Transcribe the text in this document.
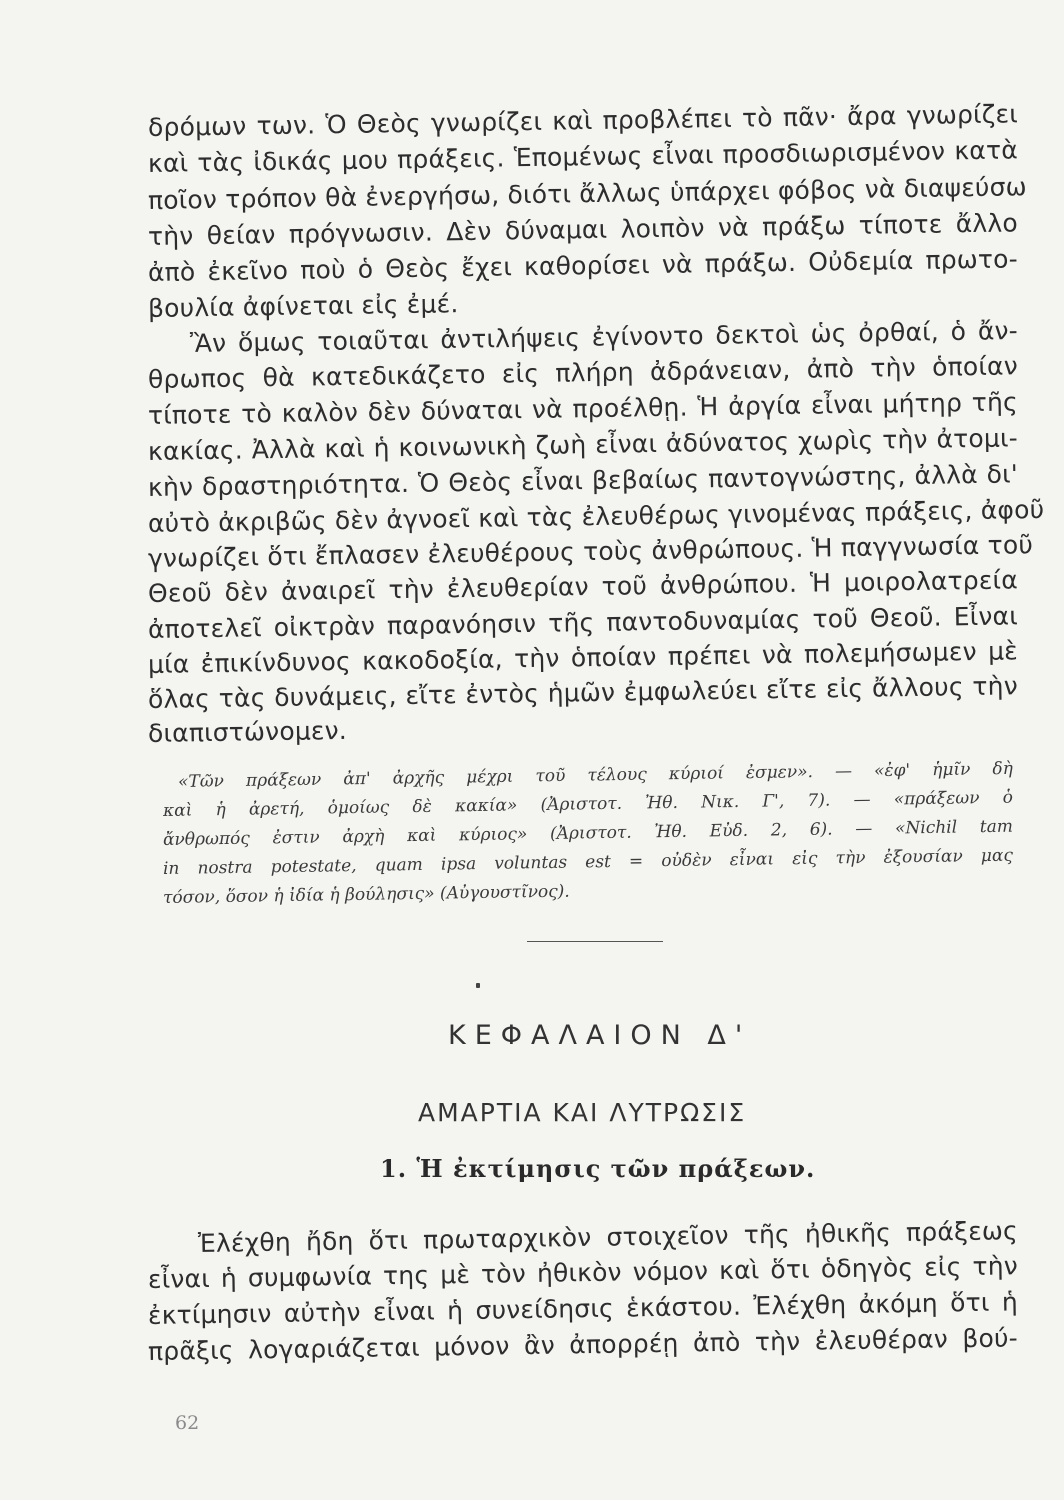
δρόμων των. Ὁ Θεὸς γνωρίζει καὶ προβλέπει τὸ πᾶν· ἄρα γνωρίζει
καὶ τὰς ἰδικάς μου πράξεις. Ἑπομένως εἶναι προσδιωρισμένον κατὰ
ποῖον τρόπον θὰ ἐνεργήσω, διότι ἄλλως ὑπάρχει φόβος νὰ διαψεύσω
τὴν θείαν πρόγνωσιν. Δὲν δύναμαι λοιπὸν νὰ πράξω τίποτε ἄλλο
ἀπὸ ἐκεῖνο ποὺ ὁ Θεὸς ἔχει καθορίσει νὰ πράξω. Οὐδεμία πρωτο-
βουλία ἀφίνεται εἰς ἐμέ.
Ἂν ὅμως τοιαῦται ἀντιλήψεις ἐγίνοντο δεκτοὶ ὡς ὀρθαί, ὁ ἄν-
θρωπος θὰ κατεδικάζετο εἰς πλήρη ἀδράνειαν, ἀπὸ τὴν ὁποίαν
τίποτε τὸ καλὸν δὲν δύναται νὰ προέλθῃ. Ἡ ἀργία εἶναι μήτηρ τῆς
κακίας. Ἀλλὰ καὶ ἡ κοινωνικὴ ζωὴ εἶναι ἀδύνατος χωρὶς τὴν ἀτομι-
κὴν δραστηριότητα. Ὁ Θεὸς εἶναι βεβαίως παντογνώστης, ἀλλὰ δι'
αὐτὸ ἀκριβῶς δὲν ἀγνοεῖ καὶ τὰς ἐλευθέρως γινομένας πράξεις, ἀφοῦ
γνωρίζει ὅτι ἔπλασεν ἐλευθέρους τοὺς ἀνθρώπους. Ἡ παγγνωσία τοῦ
Θεοῦ δὲν ἀναιρεῖ τὴν ἐλευθερίαν τοῦ ἀνθρώπου. Ἡ μοιρολατρεία
ἀποτελεῖ οἰκτρὰν παρανόησιν τῆς παντοδυναμίας τοῦ Θεοῦ. Εἶναι
μία ἐπικίνδυνος κακοδοξία, τὴν ὁποίαν πρέπει νὰ πολεμήσωμεν μὲ
ὅλας τὰς δυνάμεις, εἴτε ἐντὸς ἡμῶν ἐμφωλεύει εἴτε εἰς ἄλλους τὴν
διαπιστώνομεν.
«Τῶν πράξεων ἀπ' ἀρχῆς μέχρι τοῦ τέλους κύριοί ἐσμεν». — «ἐφ' ἡμῖν δὴ
καὶ ἡ ἀρετή, ὁμοίως δὲ κακία» (Ἀριστοτ. Ἠθ. Νικ. Γ', 7). — «πράξεων ὁ
ἄνθρωπός ἐστιν ἀρχὴ καὶ κύριος» (Ἀριστοτ. Ἠθ. Εὐδ. 2, 6). — «Nichil tam
in nostra potestate, quam ipsa voluntas est = οὐδὲν εἶναι εἰς τὴν ἐξουσίαν μας
τόσον, ὅσον ἡ ἰδία ἡ βούλησις» (Αὐγουστῖνος).
ΚΕΦΑΛΑΙΟΝ Δ'
ΑΜΑΡΤΙΑ ΚΑΙ ΛΥΤΡΩΣΙΣ
1. Ἡ ἐκτίμησις τῶν πράξεων.
Ἐλέχθη ἤδη ὅτι πρωταρχικὸν στοιχεῖον τῆς ἠθικῆς πράξεως
εἶναι ἡ συμφωνία της μὲ τὸν ἠθικὸν νόμον καὶ ὅτι ὁδηγὸς εἰς τὴν
ἐκτίμησιν αὐτὴν εἶναι ἡ συνείδησις ἑκάστου. Ἐλέχθη ἀκόμη ὅτι ἡ
πρᾶξις λογαριάζεται μόνον ἂν ἀπορρέῃ ἀπὸ τὴν ἐλευθέραν βού-
62
